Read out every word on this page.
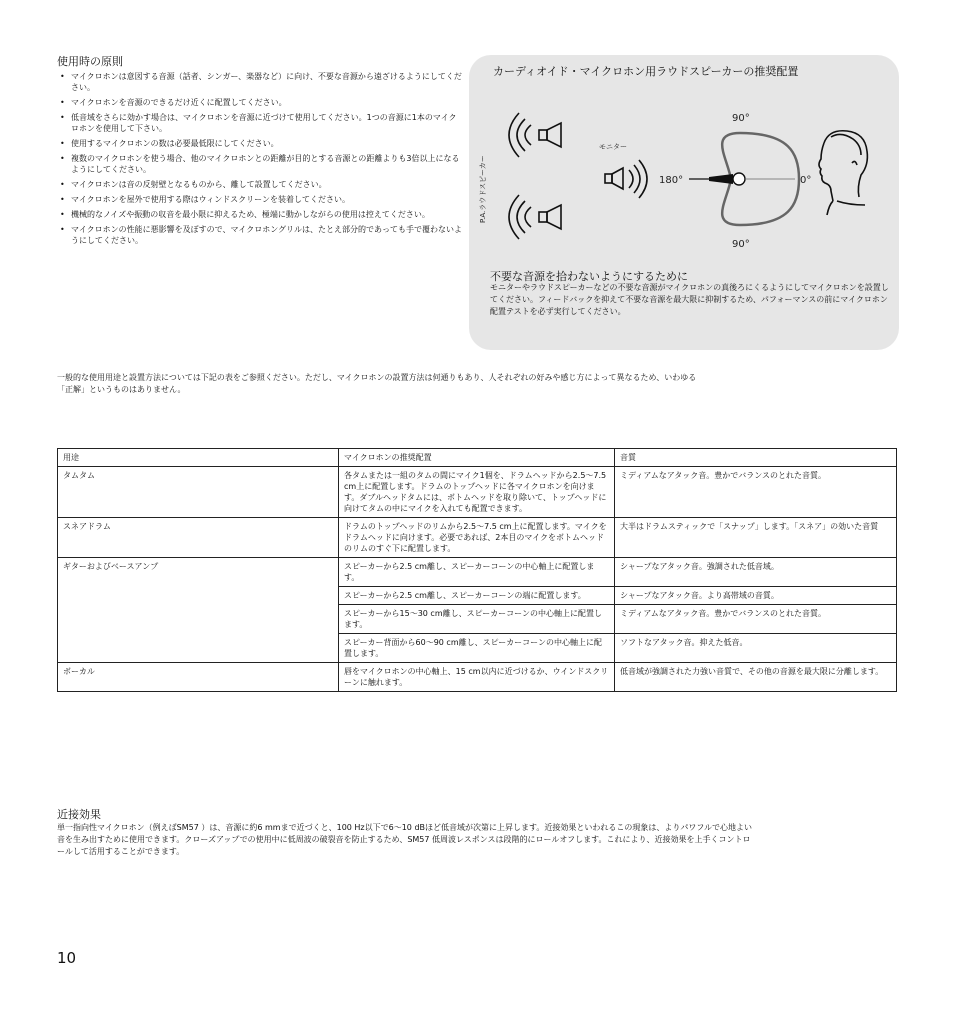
使用時の原則
• マイクロホンは意図する音源（話者、シンガー、楽器など）に向け、不要な音源から遠ざけるようにしてください。
• マイクロホンを音源のできるだけ近くに配置してください。
• 低音域をさらに効かす場合は、マイクロホンを音源に近づけて使用してください。1つの音源に1本のマイクロホンを使用して下さい。
• 使用するマイクロホンの数は必要最低限にしてください。
• 複数のマイクロホンを使う場合、他のマイクロホンとの距離が目的とする音源との距離よりも3倍以上になるようにしてください。
• マイクロホンは音の反射壁となるものから、離して設置してください。
• マイクロホンを屋外で使用する際はウィンドスクリーンを装着してください。
• 機械的なノイズや振動の収音を最小限に抑えるため、極端に動かしながらの使用は控えてください。
• マイクロホンの性能に悪影響を及ぼすので、マイクロホングリルは、たとえ部分的であっても手で覆わないようにしてください。
カーディオイド・マイクロホン用ラウドスピーカーの推奨配置
P.A.ラウドスピーカー
モニター
90°
90°
180°	0°
不要な音源を拾わないようにするために
モニターやラウドスピーカーなどの不要な音源がマイクロホンの真後ろにくるようにしてマイクロホンを設置してください。フィードバックを抑えて不要な音源を最大限に抑制するため、パフォーマンスの前にマイクロホン配置テストを必ず実行してください。
一般的な使用用途と設置方法については下記の表をご参照ください。ただし、マイクロホンの設置方法は何通りもあり、人それぞれの好みや感じ方によって異なるため、いわゆる「正解」というものはありません。
用途	マイクロホンの推奨配置	音質
タムタム	各タムまたは一組のタムの間にマイク1個を、ドラムヘッドから2.5～7.5 cm上に配置します。ドラムのトップヘッドに各マイクロホンを向けます。ダブルヘッドタムには、ボトムヘッドを取り除いて、トップヘッドに向けてタムの中にマイクを入れても配置できます。	ミディアムなアタック音。豊かでバランスのとれた音質。
スネアドラム	ドラムのトップヘッドのリムから2.5～7.5 cm上に配置します。マイクをドラムヘッドに向けます。必要であれば、2本目のマイクをボトムヘッドのリムのすぐ下に配置します。	大半はドラムスティックで「スナップ」します。「スネア」の効いた音質
ギターおよびベースアンプ	スピーカーから2.5 cm離し、スピーカーコーンの中心軸上に配置します。	シャープなアタック音。強調された低音域。
	スピーカーから2.5 cm離し、スピーカーコーンの端に配置します。	シャープなアタック音。より高帯域の音質。
	スピーカーから15～30 cm離し、スピーカーコーンの中心軸上に配置します。	ミディアムなアタック音。豊かでバランスのとれた音質。
	スピーカー背面から60～90 cm離し、スピーカーコーンの中心軸上に配置します。	ソフトなアタック音。抑えた低音。
ボーカル	唇をマイクロホンの中心軸上、15 cm以内に近づけるか、ウインドスクリーンに触れます。	低音域が強調された力強い音質で、その他の音源を最大限に分離します。
近接効果
単一指向性マイクロホン（例えばSM57 ）は、音源に約6 mmまで近づくと、100 Hz以下で6～10 dBほど低音域が次第に上昇します。近接効果といわれるこの現象は、よりパワフルで心地よい音を生み出すために使用できます。クローズアップでの使用中に低周波の破裂音を防止するため、SM57 低周波レスポンスは段階的にロールオフします。これにより、近接効果を上手くコントロールして活用することができます。
10
